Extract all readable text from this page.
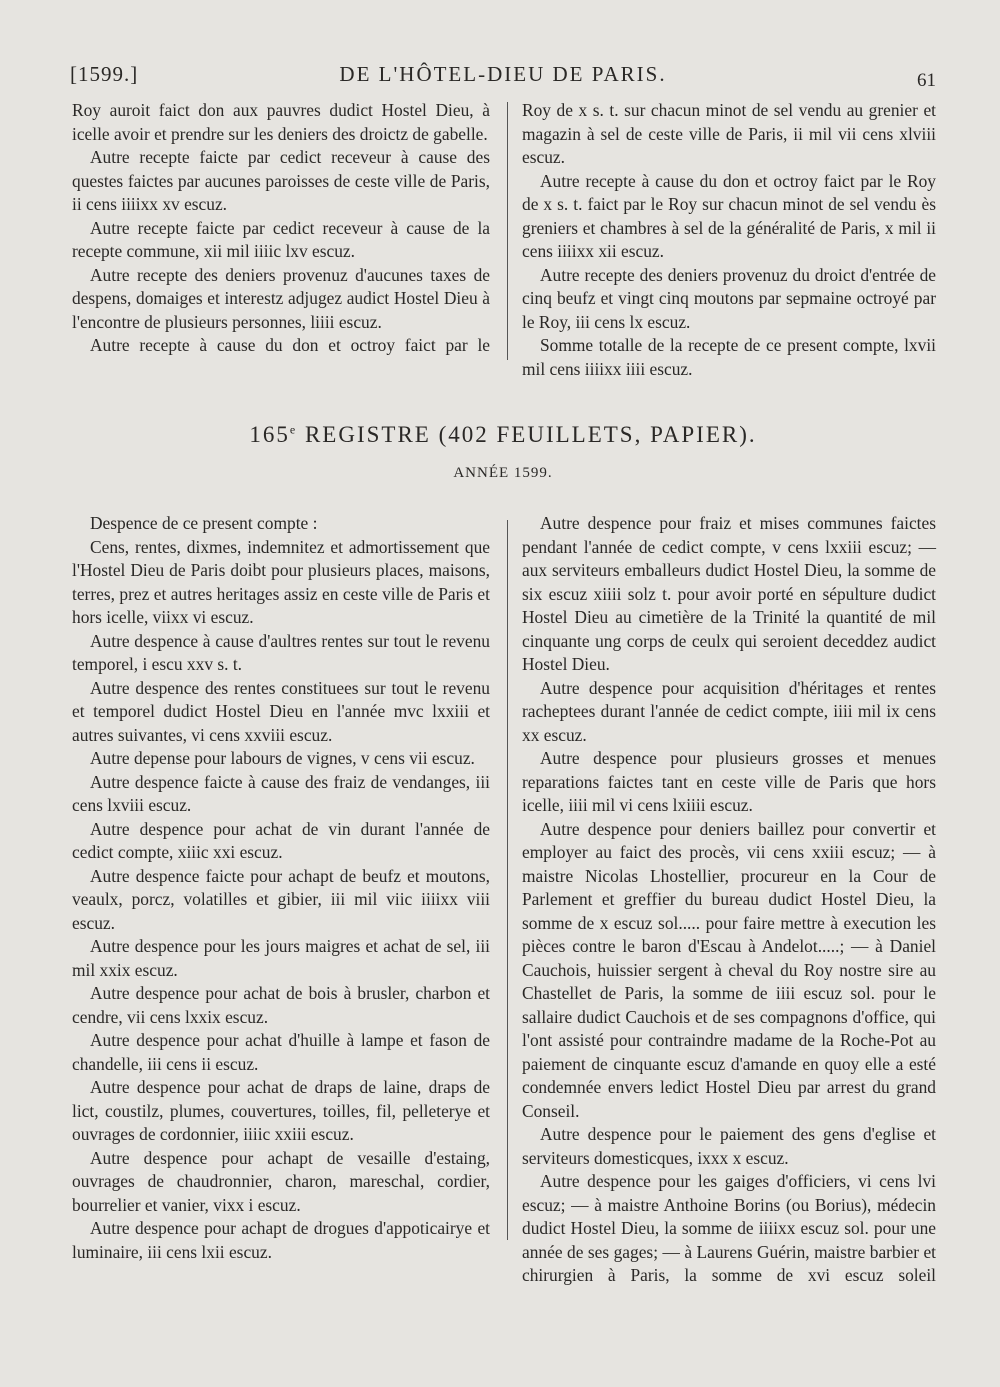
[1599.]	DE L'HÔTEL-DIEU DE PARIS.	61

Roy auroit faict don aux pauvres dudict Hostel Dieu, à icelle avoir et prendre sur les deniers des droictz de gabelle.

Autre recepte faicte par cedict receveur à cause des questes faictes par aucunes paroisses de ceste ville de Paris, ii cens iiiixx xv escuz.

Autre recepte faicte par cedict receveur à cause de la recepte commune, xii mil iiiic lxv escuz.

Autre recepte des deniers provenuz d'aucunes taxes de despens, domaiges et interestz adjugez audict Hostel Dieu à l'encontre de plusieurs personnes, liiii escuz.

Autre recepte à cause du don et octroy faict par le

Roy de x s. t. sur chacun minot de sel vendu au grenier et magazin à sel de ceste ville de Paris, ii mil vii cens xlviii escuz.

Autre recepte à cause du don et octroy faict par le Roy de x s. t. faict par le Roy sur chacun minot de sel vendu ès greniers et chambres à sel de la généralité de Paris, x mil ii cens iiiixx xii escuz.

Autre recepte des deniers provenuz du droict d'entrée de cinq beufz et vingt cinq moutons par sepmaine octroyé par le Roy, iii cens lx escuz.

Somme totalle de la recepte de ce present compte, lxvii mil cens iiiixx iiii escuz.

165e REGISTRE (402 FEUILLETS, PAPIER).
ANNÉE 1599.

Despence de ce present compte :

Cens, rentes, dixmes, indemnitez et admortissement que l'Hostel Dieu de Paris doibt pour plusieurs places, maisons, terres, prez et autres heritages assiz en ceste ville de Paris et hors icelle, viixx vi escuz.

Autre despence à cause d'aultres rentes sur tout le revenu temporel, i escu xxv s. t.

Autre despence des rentes constituees sur tout le revenu et temporel dudict Hostel Dieu en l'année mvc lxxiii et autres suivantes, vi cens xxviii escuz.

Autre depense pour labours de vignes, v cens vii escuz.

Autre despence faicte à cause des fraiz de vendanges, iii cens lxviii escuz.

Autre despence pour achat de vin durant l'année de cedict compte, xiiic xxi escuz.

Autre despence faicte pour achapt de beufz et moutons, veaulx, porcz, volatilles et gibier, iii mil viic iiiixx viii escuz.

Autre despence pour les jours maigres et achat de sel, iii mil xxix escuz.

Autre despence pour achat de bois à brusler, charbon et cendre, vii cens lxxix escuz.

Autre despence pour achat d'huille à lampe et fason de chandelle, iii cens ii escuz.

Autre despence pour achat de draps de laine, draps de lict, coustilz, plumes, couvertures, toilles, fil, pelleterye et ouvrages de cordonnier, iiiic xxiii escuz.

Autre despence pour achapt de vesaille d'estaing, ouvrages de chaudronnier, charon, mareschal, cordier, bourrelier et vanier, vixx i escuz.

Autre despence pour achapt de drogues d'appoticairye et luminaire, iii cens lxii escuz.

Autre despence pour fraiz et mises communes faictes pendant l'année de cedict compte, v cens lxxiii escuz; — aux serviteurs emballeurs dudict Hostel Dieu, la somme de six escuz xiiii solz t. pour avoir porté en sépulture dudict Hostel Dieu au cimetière de la Trinité la quantité de mil cinquante ung corps de ceulx qui seroient deceddez audict Hostel Dieu.

Autre despence pour acquisition d'héritages et rentes racheptees durant l'année de cedict compte, iiii mil ix cens xx escuz.

Autre despence pour plusieurs grosses et menues reparations faictes tant en ceste ville de Paris que hors icelle, iiii mil vi cens lxiiii escuz.

Autre despence pour deniers baillez pour convertir et employer au faict des procès, vii cens xxiii escuz; — à maistre Nicolas Lhostellier, procureur en la Cour de Parlement et greffier du bureau dudict Hostel Dieu, la somme de x escuz sol..... pour faire mettre à execution les pièces contre le baron d'Escau à Andelot.....; — à Daniel Cauchois, huissier sergent à cheval du Roy nostre sire au Chastellet de Paris, la somme de iiii escuz sol. pour le sallaire dudict Cauchois et de ses compagnons d'office, qui l'ont assisté pour contraindre madame de la Roche-Pot au paiement de cinquante escuz d'amande en quoy elle a esté condemnée envers ledict Hostel Dieu par arrest du grand Conseil.

Autre despence pour le paiement des gens d'eglise et serviteurs domesticques, ixxx x escuz.

Autre despence pour les gaiges d'officiers, vi cens lvi escuz; — à maistre Anthoine Borins (ou Borius), médecin dudict Hostel Dieu, la somme de iiiixx escuz sol. pour une année de ses gages; — à Laurens Guérin, maistre barbier et chirurgien à Paris, la somme de xvi escuz soleil
